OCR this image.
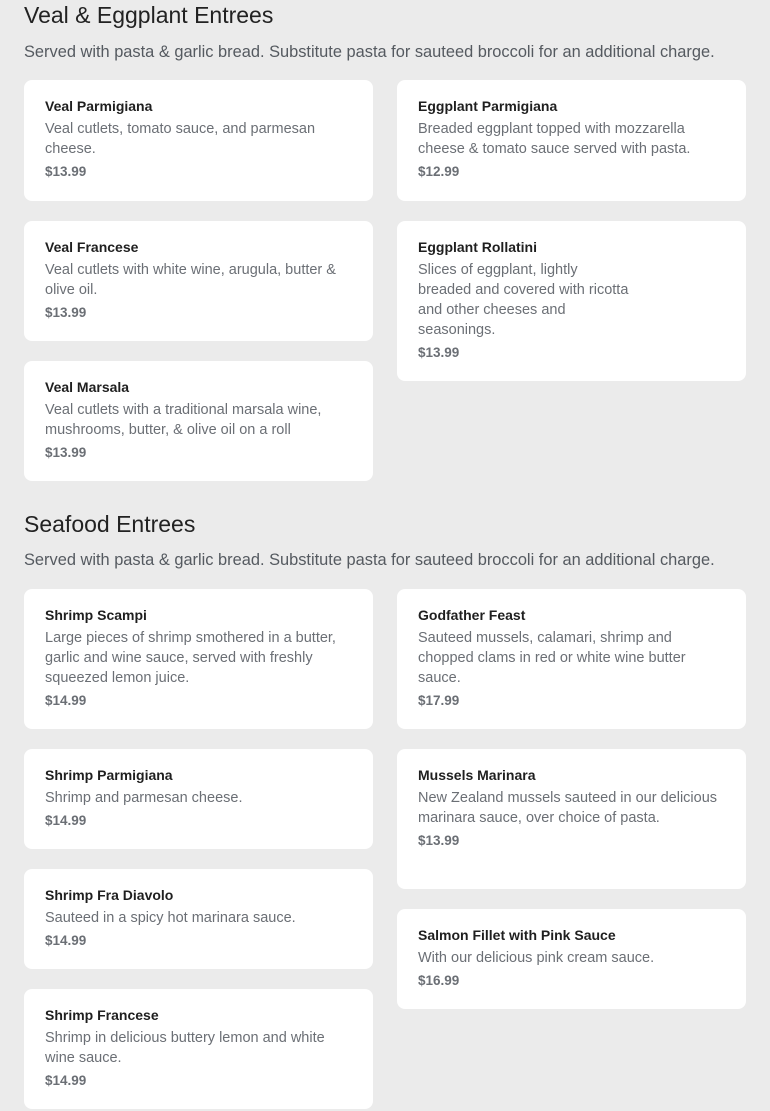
Veal & Eggplant Entrees

Served with pasta & garlic bread. Substitute pasta for sauteed broccoli for an additional charge.

Veal Parmigiana
Veal cutlets, tomato sauce, and parmesan cheese.
$13.99
Eggplant Parmigiana
Breaded eggplant topped with mozzarella cheese & tomato sauce served with pasta.
$12.99
Veal Francese
Veal cutlets with white wine, arugula, butter & olive oil.
$13.99
Eggplant Rollatini
Slices of eggplant, lightly breaded and covered with ricotta and other cheeses and seasonings.
$13.99
Veal Marsala
Veal cutlets with a traditional marsala wine, mushrooms, butter, & olive oil on a roll
$13.99
Seafood Entrees

Served with pasta & garlic bread. Substitute pasta for sauteed broccoli for an additional charge.

Shrimp Scampi
Large pieces of shrimp smothered in a butter, garlic and wine sauce, served with freshly squeezed lemon juice.
$14.99
Godfather Feast
Sauteed mussels, calamari, shrimp and chopped clams in red or white wine butter sauce.
$17.99
Shrimp Parmigiana
Shrimp and parmesan cheese.
$14.99
Mussels Marinara
New Zealand mussels sauteed in our delicious marinara sauce, over choice of pasta.
$13.99
Shrimp Fra Diavolo
Sauteed in a spicy hot marinara sauce.
$14.99	Salmon Fillet with Pink Sauce
With our delicious pink cream sauce.
$16.99
Shrimp Francese
Shrimp in delicious buttery lemon and white wine sauce.
$14.99
